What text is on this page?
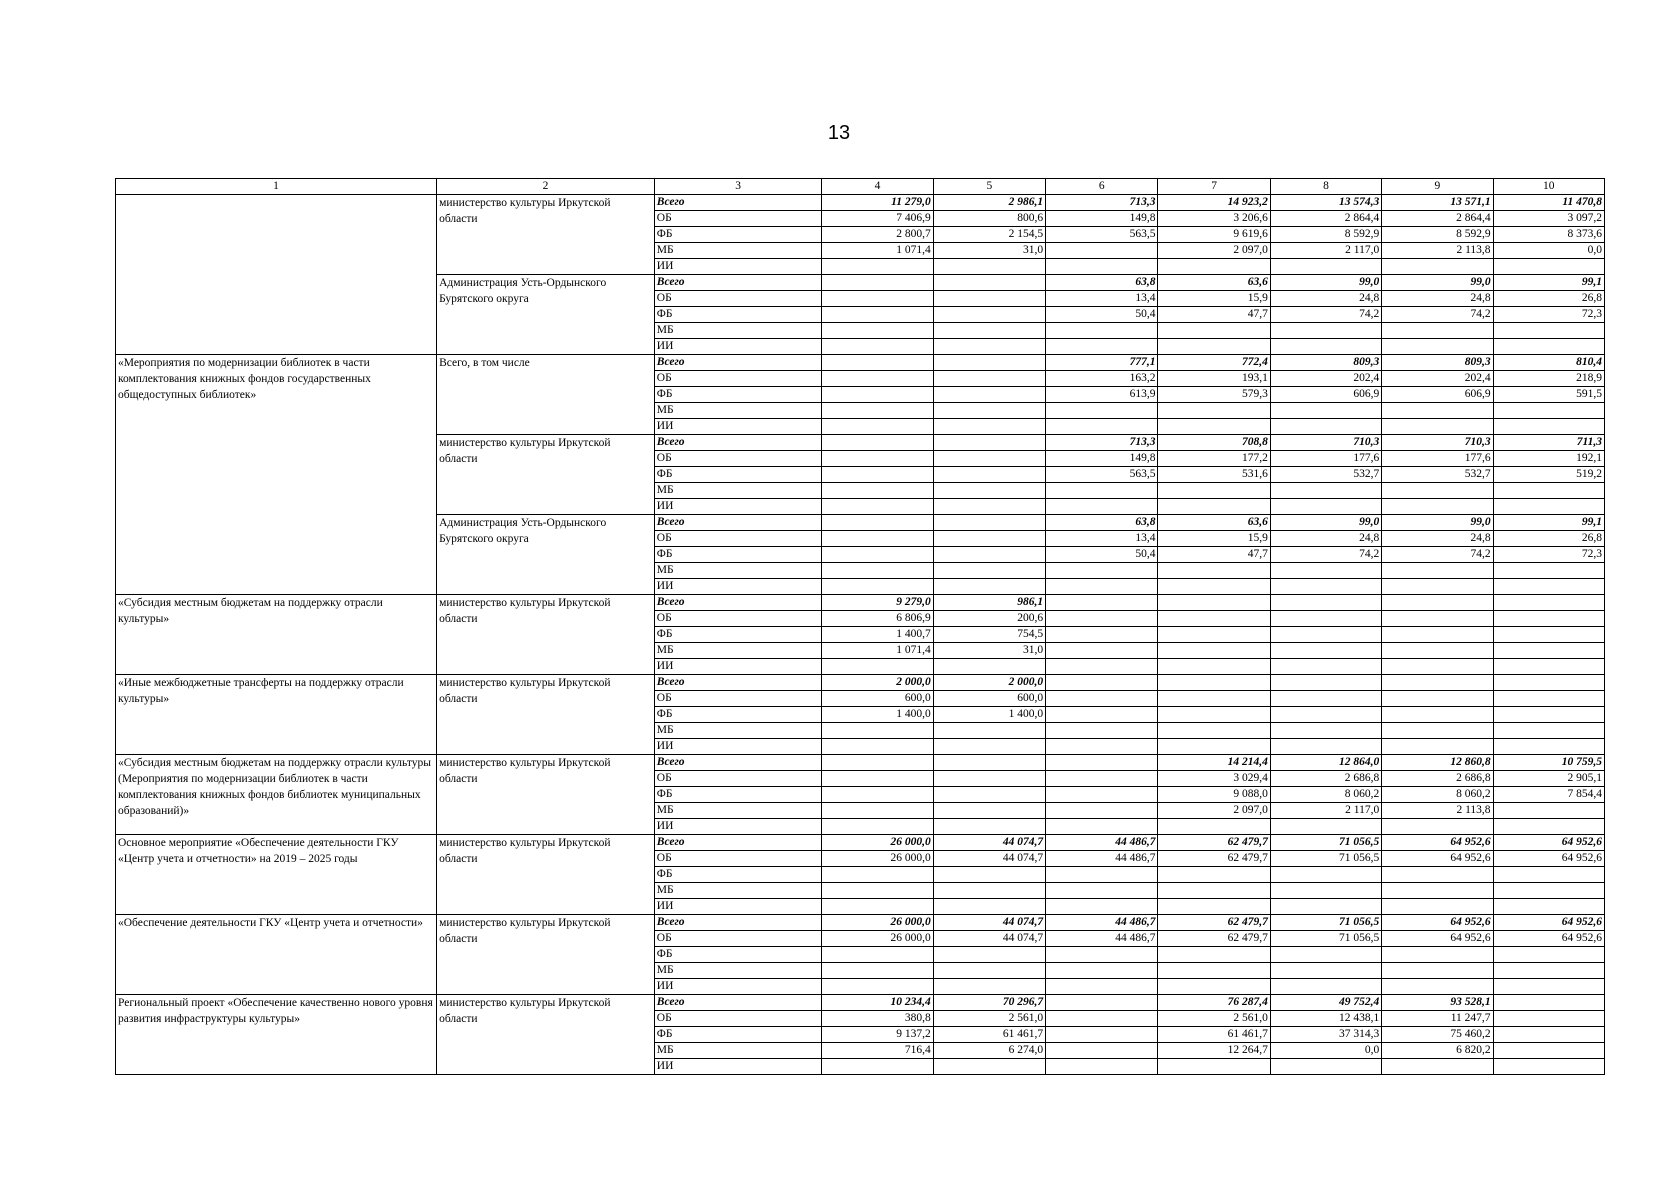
13
1	2	3	4	5	6	7	8	9	10
	министерство культуры Иркутской области	Всего	11 279,0	2 986,1	713,3	14 923,2	13 574,3	13 571,1	11 470,8
		ОБ	7 406,9	800,6	149,8	3 206,6	2 864,4	2 864,4	3 097,2
		ФБ	2 800,7	2 154,5	563,5	9 619,6	8 592,9	8 592,9	8 373,6
		МБ	1 071,4	31,0		2 097,0	2 117,0	2 113,8	0,0
		ИИ							
	Администрация Усть-Ордынского Бурятского округа	Всего			63,8	63,6	99,0	99,0	99,1
		ОБ			13,4	15,9	24,8	24,8	26,8
		ФБ			50,4	47,7	74,2	74,2	72,3
		МБ							
		ИИ							
«Мероприятия по модернизации библиотек в части комплектования книжных фондов государственных общедоступных библиотек»	Всего, в том числе	Всего			777,1	772,4	809,3	809,3	810,4
		ОБ			163,2	193,1	202,4	202,4	218,9
		ФБ			613,9	579,3	606,9	606,9	591,5
		МБ							
		ИИ							
	министерство культуры Иркутской области	Всего			713,3	708,8	710,3	710,3	711,3
		ОБ			149,8	177,2	177,6	177,6	192,1
		ФБ			563,5	531,6	532,7	532,7	519,2
		МБ							
		ИИ							
	Администрация Усть-Ордынского Бурятского округа	Всего			63,8	63,6	99,0	99,0	99,1
		ОБ			13,4	15,9	24,8	24,8	26,8
		ФБ			50,4	47,7	74,2	74,2	72,3
		МБ							
		ИИ							
«Субсидия местным бюджетам на поддержку отрасли культуры»	министерство культуры Иркутской области	Всего	9 279,0	986,1					
		ОБ	6 806,9	200,6					
		ФБ	1 400,7	754,5					
		МБ	1 071,4	31,0					
		ИИ							
«Иные межбюджетные трансферты на поддержку отрасли культуры»	министерство культуры Иркутской области	Всего	2 000,0	2 000,0					
		ОБ	600,0	600,0					
		ФБ	1 400,0	1 400,0					
		МБ							
		ИИ							
«Субсидия местным бюджетам на поддержку отрасли культуры (Мероприятия по модернизации библиотек в части комплектования книжных фондов библиотек муниципальных образований)»	министерство культуры Иркутской области	Всего				14 214,4	12 864,0	12 860,8	10 759,5
		ОБ				3 029,4	2 686,8	2 686,8	2 905,1
		ФБ				9 088,0	8 060,2	8 060,2	7 854,4
		МБ				2 097,0	2 117,0	2 113,8	
		ИИ							
Основное мероприятие «Обеспечение деятельности ГКУ «Центр учета и отчетности» на 2019 – 2025 годы	министерство культуры Иркутской области	Всего	26 000,0	44 074,7	44 486,7	62 479,7	71 056,5	64 952,6	64 952,6
		ОБ	26 000,0	44 074,7	44 486,7	62 479,7	71 056,5	64 952,6	64 952,6
		ФБ							
		МБ							
		ИИ							
«Обеспечение деятельности ГКУ «Центр учета и отчетности»	министерство культуры Иркутской области	Всего	26 000,0	44 074,7	44 486,7	62 479,7	71 056,5	64 952,6	64 952,6
		ОБ	26 000,0	44 074,7	44 486,7	62 479,7	71 056,5	64 952,6	64 952,6
		ФБ							
		МБ							
		ИИ							
Региональный проект «Обеспечение качественно нового уровня развития инфраструктуры культуры»	министерство культуры Иркутской области	Всего	10 234,4	70 296,7		76 287,4	49 752,4	93 528,1	
		ОБ	380,8	2 561,0		2 561,0	12 438,1	11 247,7	
		ФБ	9 137,2	61 461,7		61 461,7	37 314,3	75 460,2	
		МБ	716,4	6 274,0		12 264,7	0,0	6 820,2	
		ИИ							
